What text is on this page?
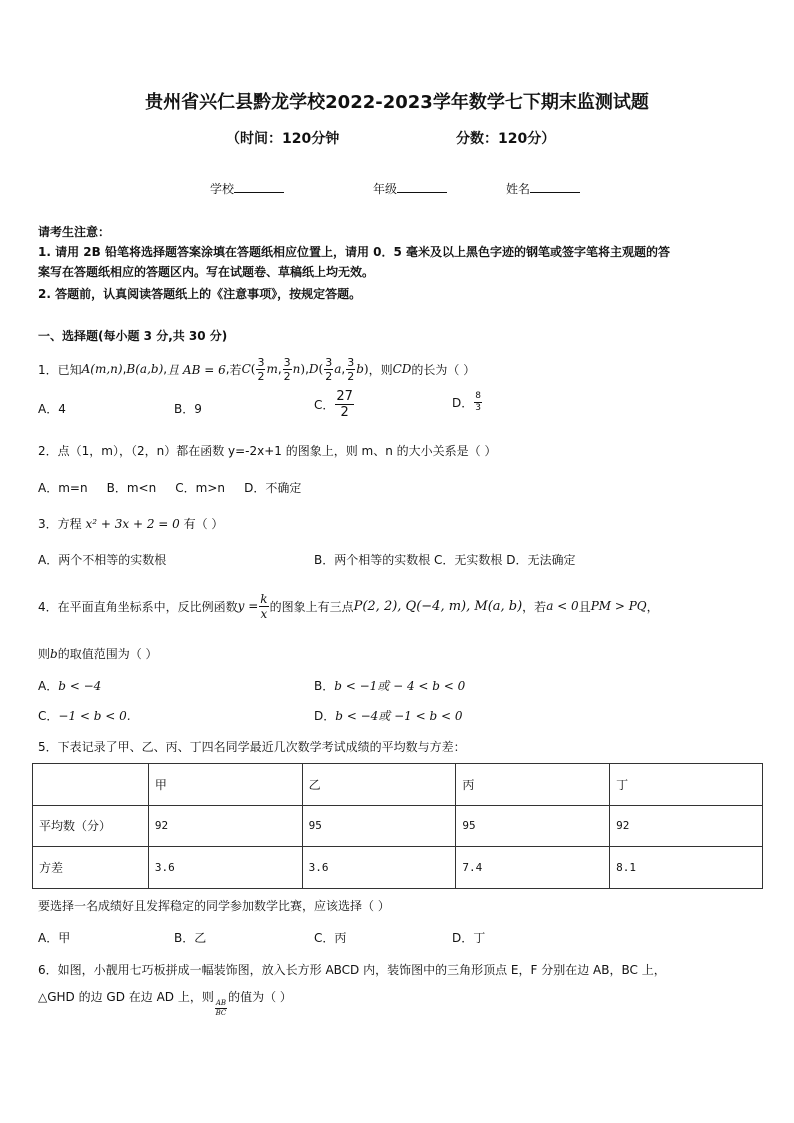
贵州省兴仁县黔龙学校2022-2023学年数学七下期末监测试题
（时间：120分钟	分数：120分）
学校	年级	姓名
请考生注意：
1. 请用 2B 铅笔将选择题答案涂填在答题纸相应位置上，请用 0．5 毫米及以上黑色字迹的钢笔或签字笔将主观题的答
案写在答题纸相应的答题区内。写在试题卷、草稿纸上均无效。
2. 答题前，认真阅读答题纸上的《注意事项》，按规定答题。
一、选择题(每小题 3 分,共 30 分)
1．已知 A(m,n) , B(a,b) , 且 AB = 6 , 若 C ( $\frac{3}{2}$ m , $\frac{3}{2}$ n ) , D ( $\frac{3}{2}$ a , $\frac{3}{2}$ b ) ，则 CD 的长为（ ）
A．4	B．9	C． $\frac{27}{2}$	D． $\frac{8}{3}$
2．点（1，m），（2，n）都在函数 y=-2x+1 的图象上，则 m、n 的大小关系是（ ）
A．m=n     B．m<n     C．m>n     D．不确定
3．方程 x² + 3x + 2 = 0 有（ ）
A．两个不相等的实数根	B．两个相等的实数根 C．无实数根 D．无法确定
4．在平面直角坐标系中，反比例函数 $y = \frac{k}{x}$ 的图象上有三点 P(2, 2), Q(−4, m), M(a, b) ，若 a < 0 且 PM > PQ ，
则b的取值范围为（ ）
A．b < −4	B．b < −1或 − 4 < b < 0
C．−1 < b < 0.	D．b < −4或 −1 < b < 0
5．下表记录了甲、乙、丙、丁四名同学最近几次数学考试成绩的平均数与方差：
	甲	乙	丙	丁
平均数（分）	92	95	95	92
方差	3.6	3.6	7.4	8.1
要选择一名成绩好且发挥稳定的同学参加数学比赛，应该选择（ ）
A．甲	B．乙	C．丙	D．丁
6．如图，小靓用七巧板拼成一幅装饰图，放入长方形 ABCD 内，装饰图中的三角形顶点 E，F 分别在边 AB，BC 上，
△GHD 的边 GD 在边 AD 上，则
$\frac{AB}{BC}$
的值为（ ）
